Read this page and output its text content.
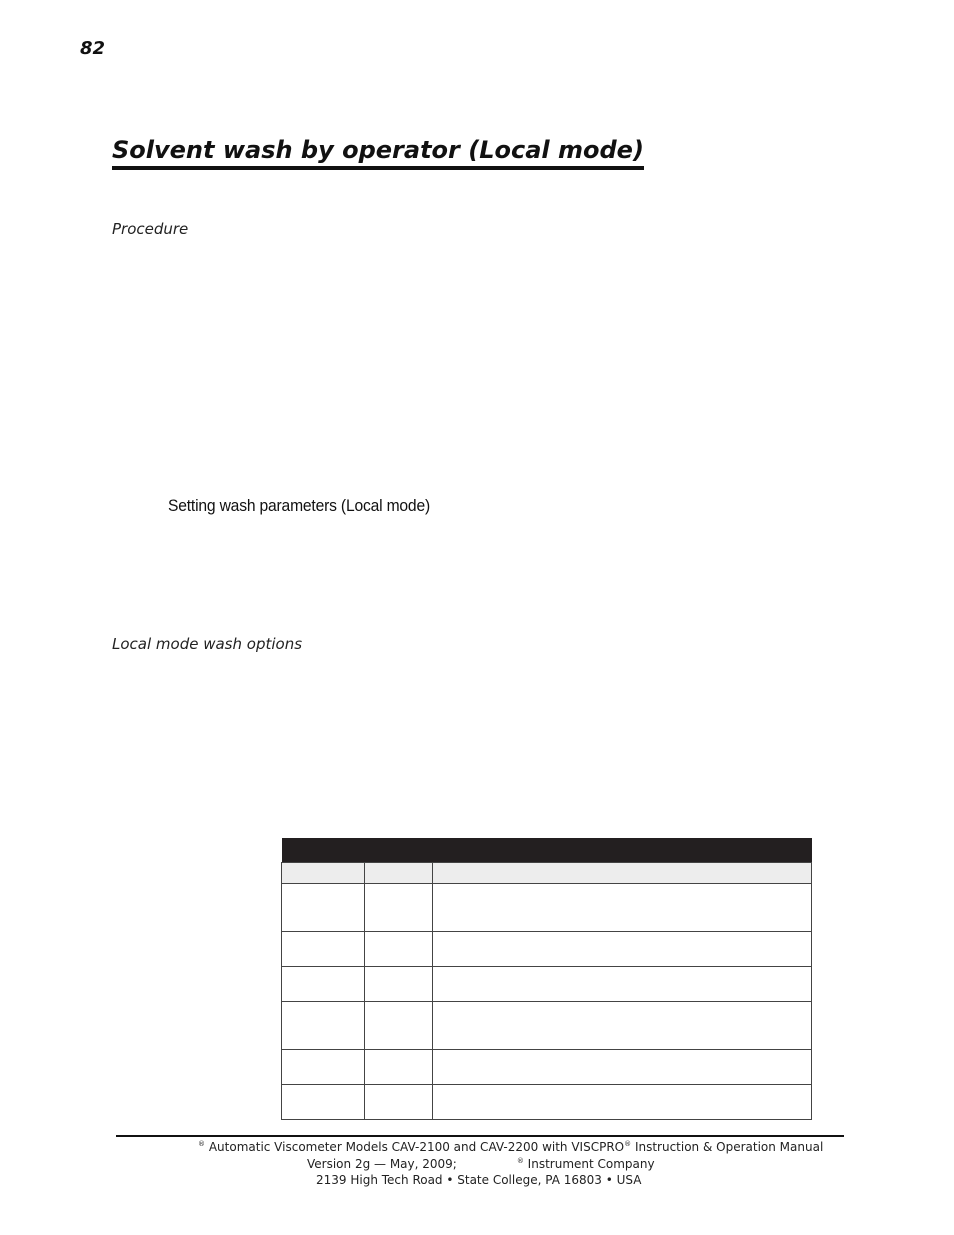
82
Solvent wash by operator (Local mode)
Procedure
Setting wash parameters (Local mode)
Local mode wash options

® Automatic Viscometer Models CAV-2100 and CAV-2200 with VISCPRO® Instruction & Operation Manual
Version 2g — May, 2009;	® Instrument Company
2139 High Tech Road • State College, PA 16803 • USA
